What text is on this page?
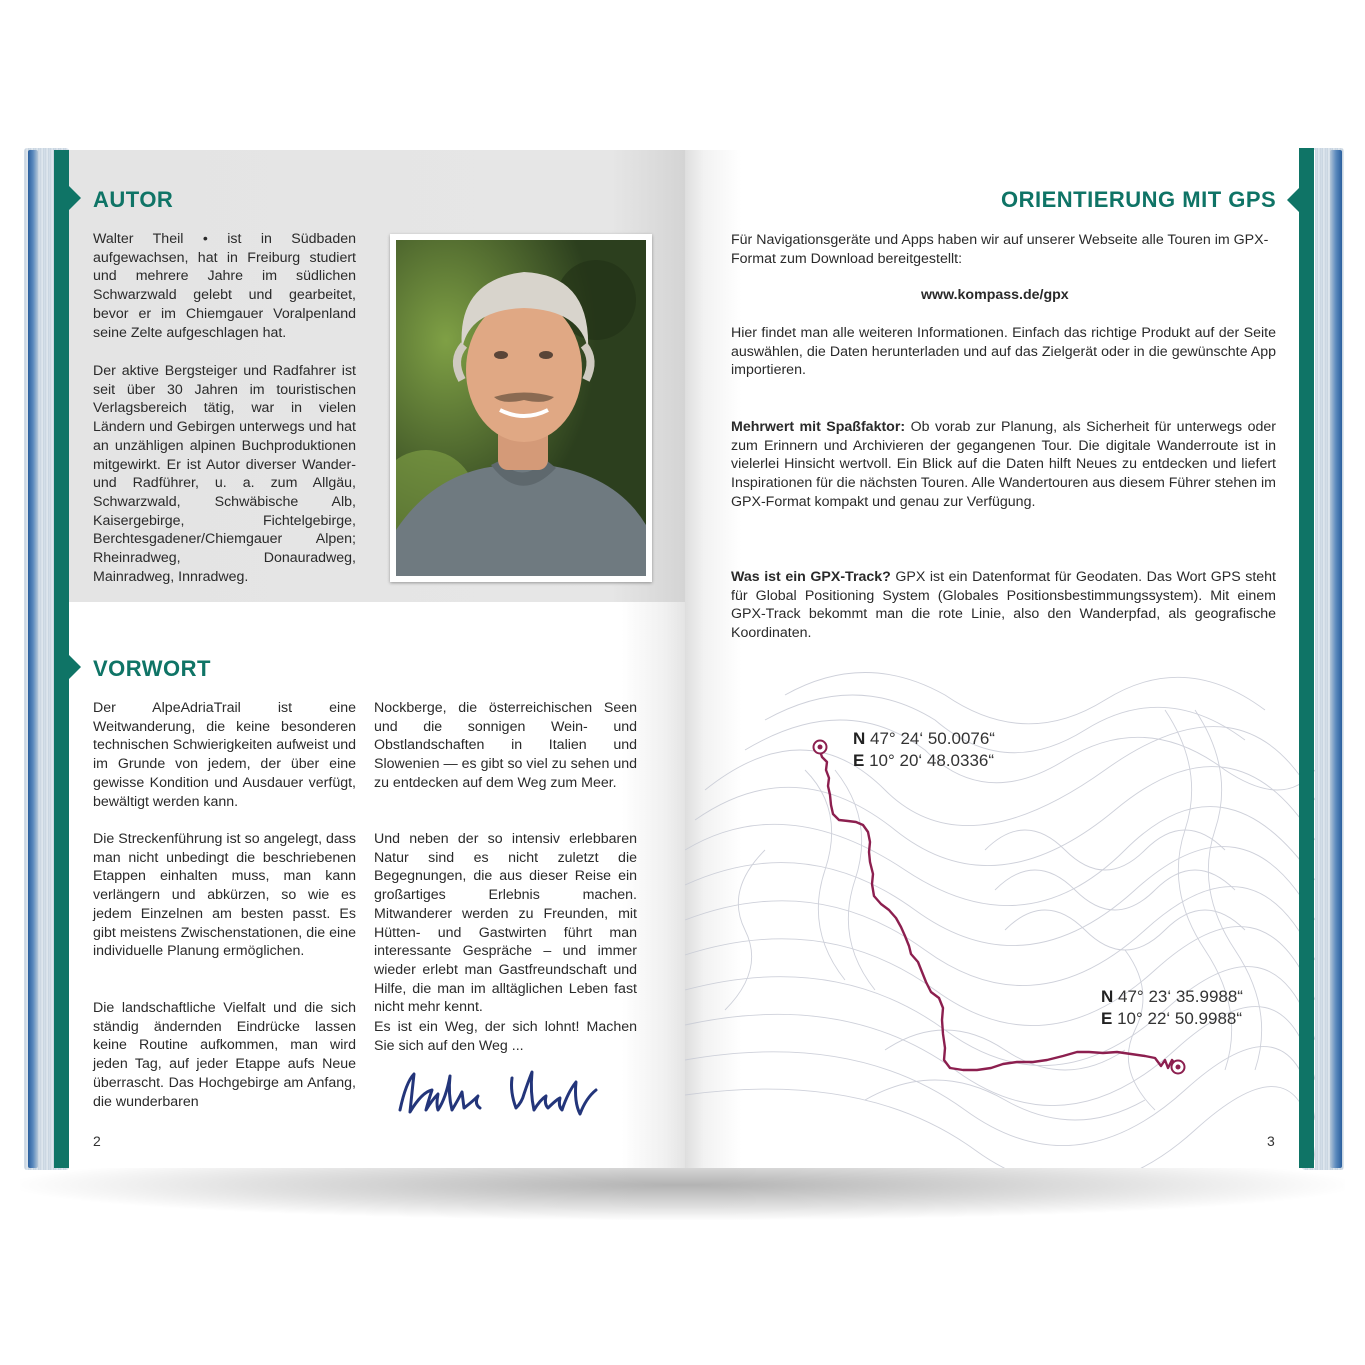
AUTOR

Walter Theil • ist in Südbaden aufgewachsen, hat in Freiburg studiert und mehrere Jahre im südlichen Schwarzwald gelebt und gearbeitet, bevor er im Chiemgauer Voralpenland seine Zelte aufgeschlagen hat.

Der aktive Bergsteiger und Radfahrer ist seit über 30 Jahren im touristischen Verlagsbereich tätig, war in vielen Ländern und Gebirgen unterwegs und hat an unzähligen alpinen Buchproduktionen mitgewirkt. Er ist Autor diverser Wander- und Radführer, u. a. zum Allgäu, Schwarzwald, Schwäbische Alb, Kaisergebirge, Fichtelgebirge, Berchtesgadener/Chiemgauer Alpen; Rheinradweg, Donauradweg, Mainradweg, Innradweg.

VORWORT

Der AlpeAdriaTrail ist eine Weitwanderung, die keine besonderen technischen Schwierigkeiten aufweist und im Grunde von jedem, der über eine gewisse Kondition und Ausdauer verfügt, bewältigt werden kann.

Die Streckenführung ist so angelegt, dass man nicht unbedingt die beschriebenen Etappen einhalten muss, man kann verlängern und abkürzen, so wie es jedem Einzelnen am besten passt. Es gibt meistens Zwischenstationen, die eine individuelle Planung ermöglichen.

Die landschaftliche Vielfalt und die sich ständig ändernden Eindrücke lassen keine Routine aufkommen, man wird jeden Tag, auf jeder Etappe aufs Neue überrascht. Das Hochgebirge am Anfang, die wunderbaren

Nockberge, die österreichischen Seen und die sonnigen Wein- und Obstlandschaften in Italien und Slowenien — es gibt so viel zu sehen und zu entdecken auf dem Weg zum Meer.

Und neben der so intensiv erlebbaren Natur sind es nicht zuletzt die Begegnungen, die aus dieser Reise ein großartiges Erlebnis machen. Mitwanderer werden zu Freunden, mit Hütten- und Gastwirten führt man interessante Gespräche – und immer wieder erlebt man Gastfreundschaft und Hilfe, die man im alltäglichen Leben fast nicht mehr kennt.

Es ist ein Weg, der sich lohnt! Machen Sie sich auf den Weg ...

2
ORIENTIERUNG MIT GPS

Für Navigationsgeräte und Apps haben wir auf unserer Webseite alle Touren im GPX-Format zum Download bereitgestellt:

www.kompass.de/gpx

Hier findet man alle weiteren Informationen. Einfach das richtige Produkt auf der Seite auswählen, die Daten herunterladen und auf das Zielgerät oder in die gewünschte App importieren.

Mehrwert mit Spaßfaktor: Ob vorab zur Planung, als Sicherheit für unterwegs oder zum Erinnern und Archivieren der gegangenen Tour. Die digitale Wanderroute ist in vielerlei Hinsicht wertvoll. Ein Blick auf die Daten hilft Neues zu entdecken und liefert Inspirationen für die nächsten Touren. Alle Wandertouren aus diesem Führer stehen im GPX-Format kompakt und genau zur Verfügung.

Was ist ein GPX-Track? GPX ist ein Datenformat für Geodaten. Das Wort GPS steht für Global Positioning System (Globales Positionsbestimmungssystem). Mit einem GPX-Track bekommt man die rote Linie, also den Wanderpfad, als geografische Koordinaten.

N 47° 24‘ 50.0076“
E 10° 20‘ 48.0336“
N 47° 23‘ 35.9988“
E 10° 22‘ 50.9988“
3
